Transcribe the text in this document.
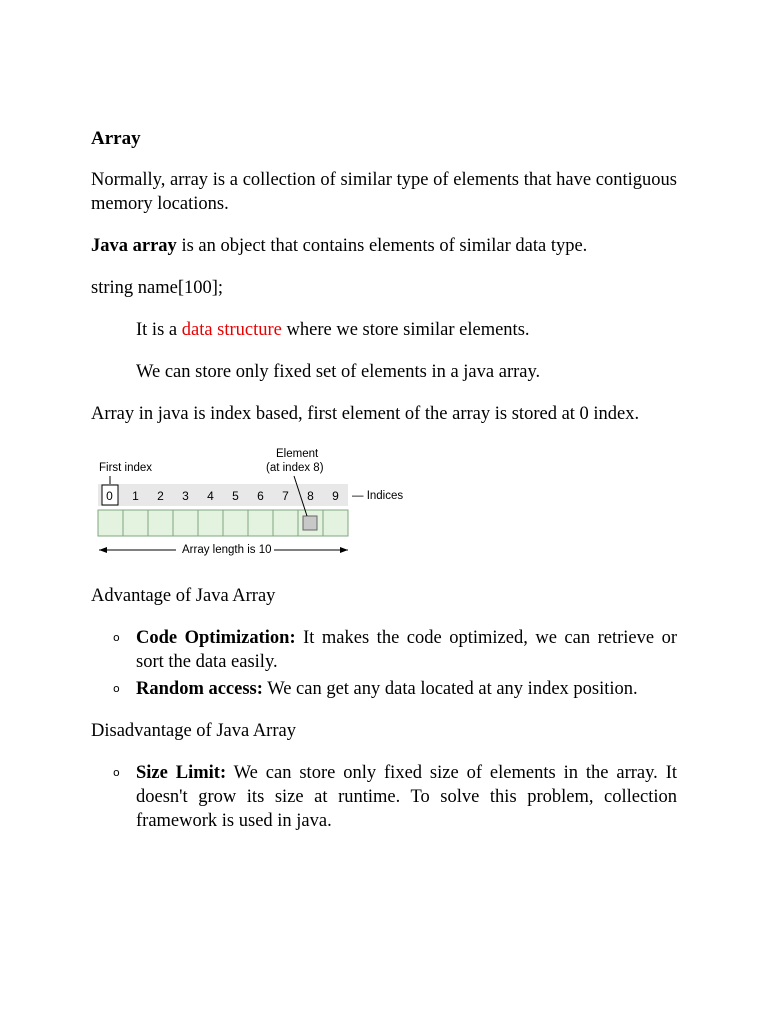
Array

Normally, array is a collection of similar type of elements that have contiguous memory locations.

Java array is an object that contains elements of similar data type.

string name[100];

It is a data structure where we store similar elements.

We can store only fixed set of elements in a java array.

Array in java is index based, first element of the array is stored at 0 index.

Advantage of Java Array
o Code Optimization: It makes the code optimized, we can retrieve or sort the data easily.
o Random access: We can get any data located at any index position.
Disadvantage of Java Array
o Size Limit: We can store only fixed size of elements in the array. It doesn't grow its size at runtime. To solve this problem, collection framework is used in java.
First index
Element
(at index 8)
0 1 2 3 4 5 6 7 8 9 — Indices
Array length is 10
